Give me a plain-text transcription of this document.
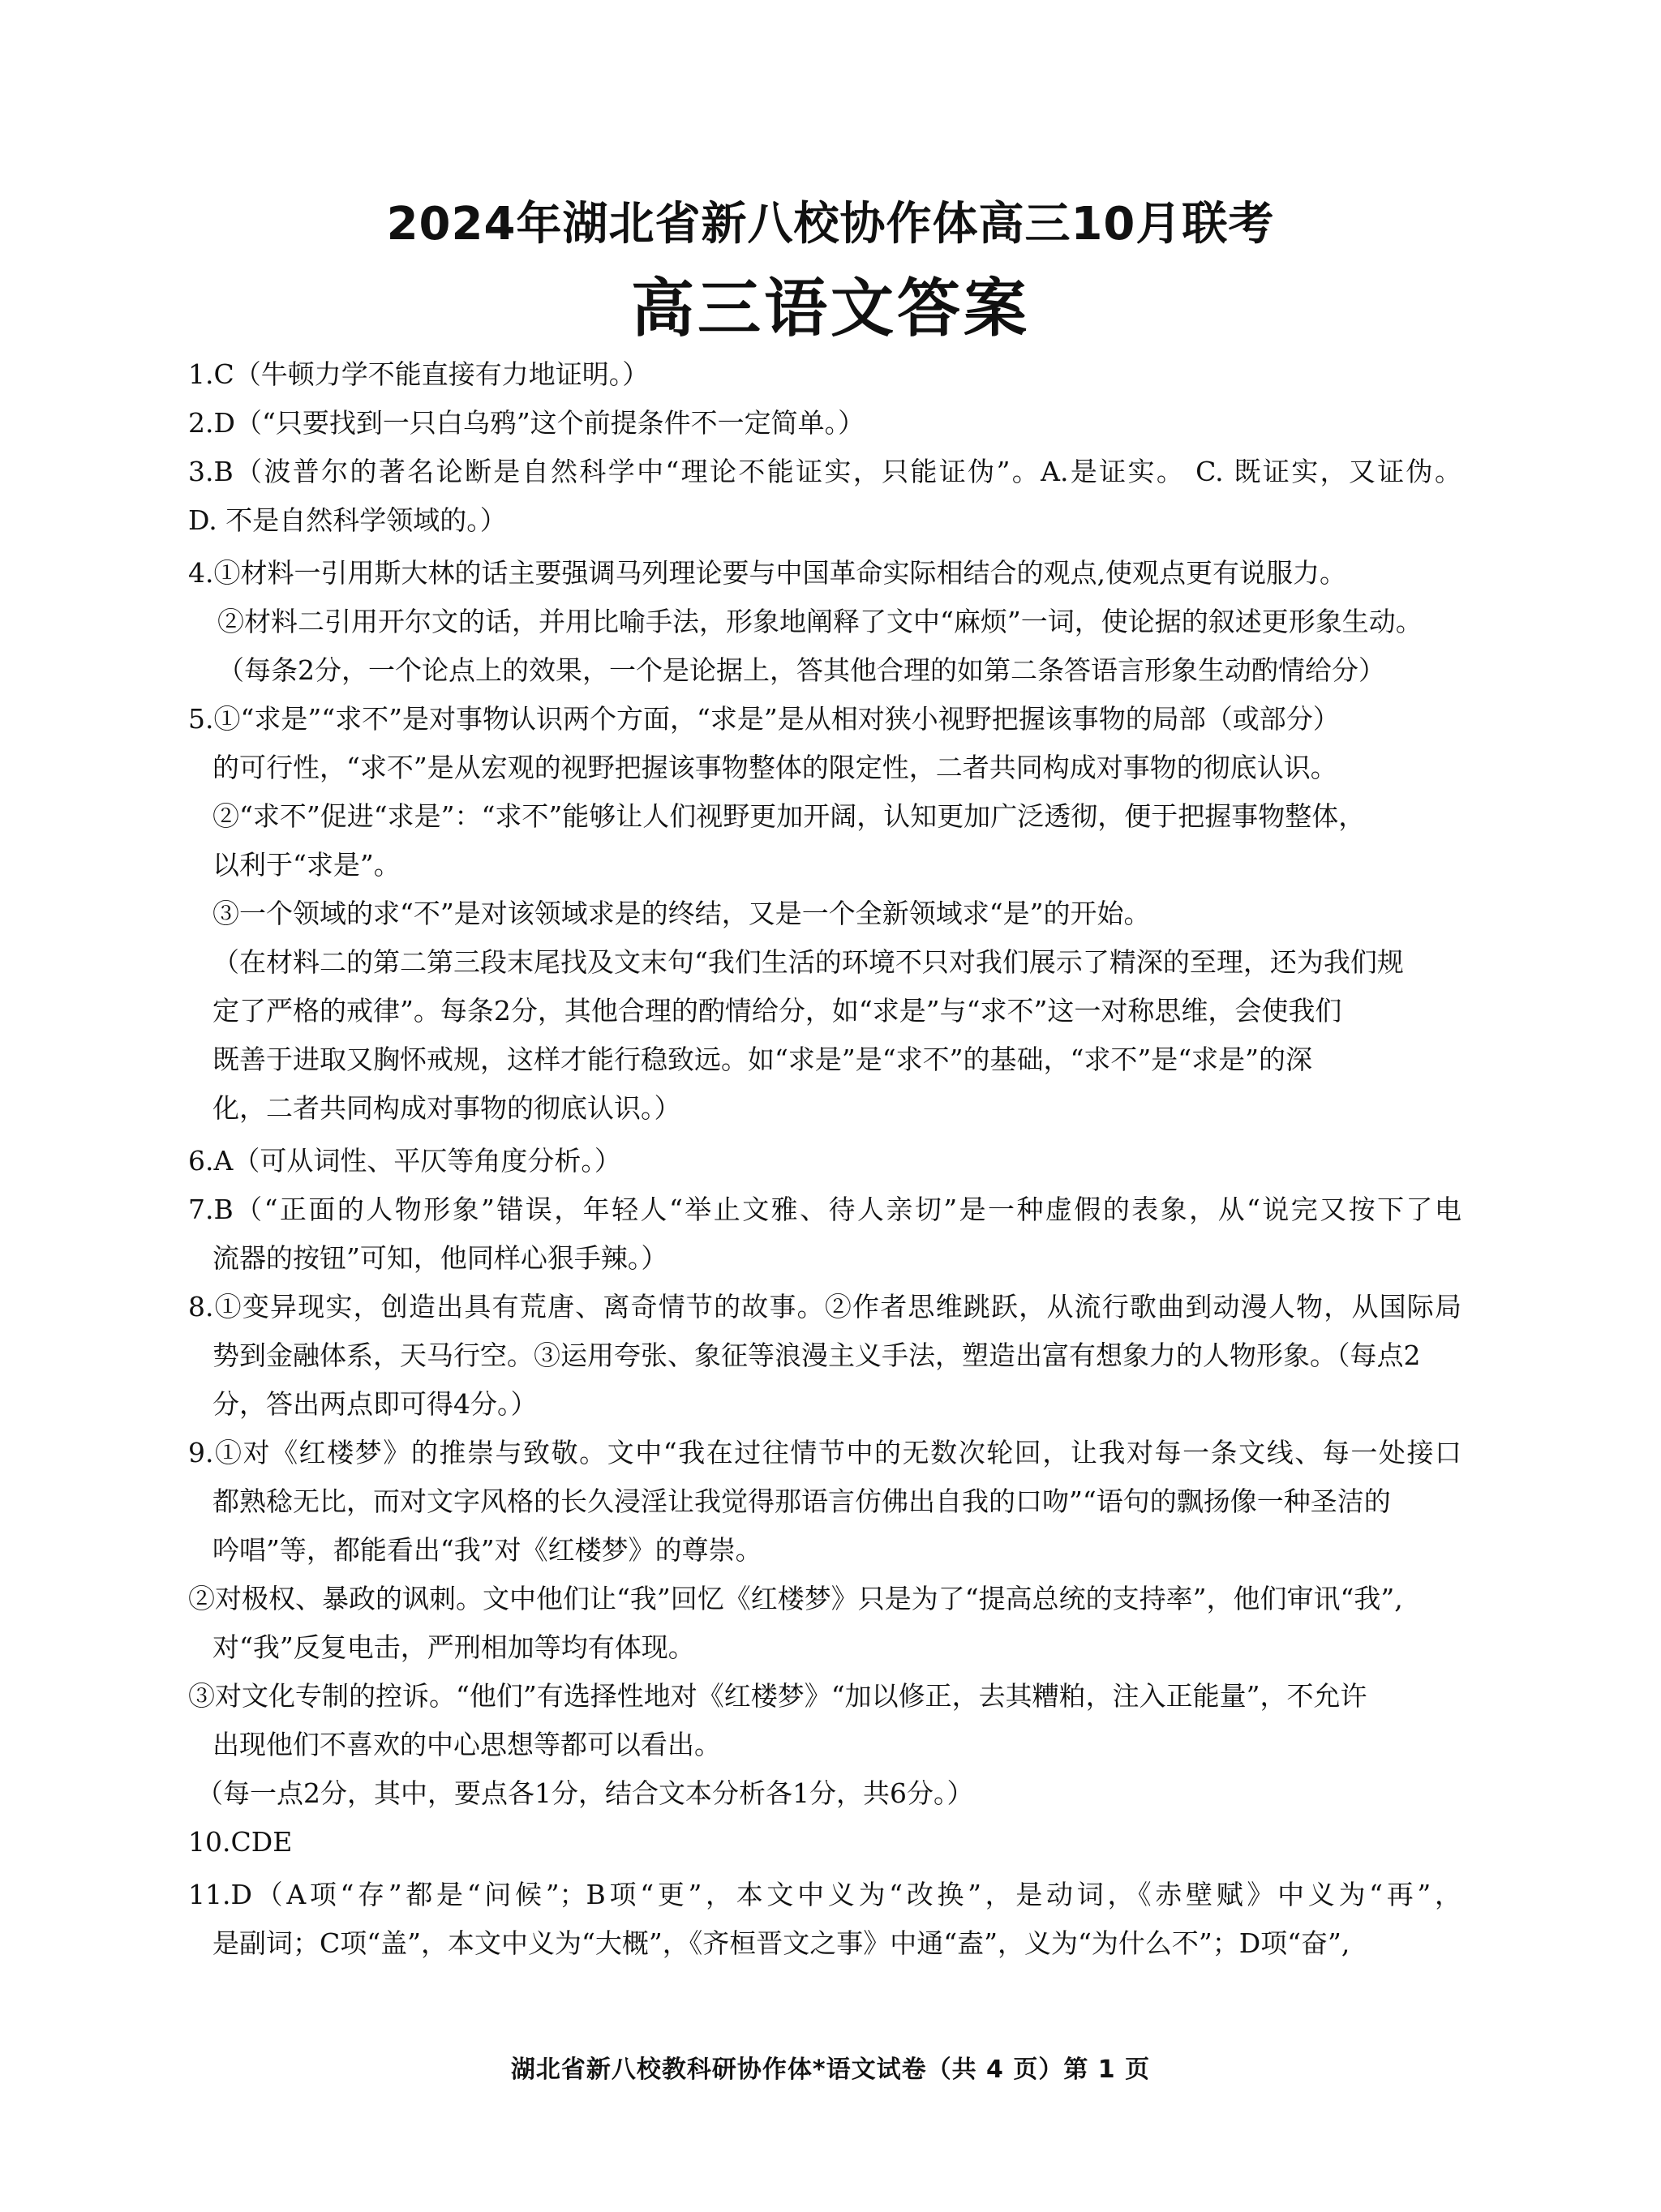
2024年湖北省新八校协作体高三10月联考
高三语文答案
1.C（牛顿力学不能直接有力地证明。）
2.D（“只要找到一只白乌鸦”这个前提条件不一定简单。）
3.B（波普尔的著名论断是自然科学中“理论不能证实，只能证伪”。A.是证实。 C. 既证实，又证伪。
D. 不是自然科学领域的。）
4.①材料一引用斯大林的话主要强调马列理论要与中国革命实际相结合的观点,使观点更有说服力。
②材料二引用开尔文的话，并用比喻手法，形象地阐释了文中“麻烦”一词，使论据的叙述更形象生动。
（每条2分，一个论点上的效果，一个是论据上，答其他合理的如第二条答语言形象生动酌情给分）
5.①“求是”“求不”是对事物认识两个方面，“求是”是从相对狭小视野把握该事物的局部（或部分）
的可行性，“求不”是从宏观的视野把握该事物整体的限定性，二者共同构成对事物的彻底认识。
②“求不”促进“求是”：“求不”能够让人们视野更加开阔，认知更加广泛透彻，便于把握事物整体，
以利于“求是”。
③一个领域的求“不”是对该领域求是的终结，又是一个全新领域求“是”的开始。
（在材料二的第二第三段末尾找及文末句“我们生活的环境不只对我们展示了精深的至理，还为我们规
定了严格的戒律”。每条2分，其他合理的酌情给分，如“求是”与“求不”这一对称思维，会使我们
既善于进取又胸怀戒规，这样才能行稳致远。如“求是”是“求不”的基础，“求不”是“求是”的深
化，二者共同构成对事物的彻底认识。）
6.A（可从词性、平仄等角度分析。）
7.B（“正面的人物形象”错误，年轻人“举止文雅、待人亲切”是一种虚假的表象，从“说完又按下了电
流器的按钮”可知，他同样心狠手辣。）
8.①变异现实，创造出具有荒唐、离奇情节的故事。②作者思维跳跃，从流行歌曲到动漫人物，从国际局
势到金融体系，天马行空。③运用夸张、象征等浪漫主义手法，塑造出富有想象力的人物形象。（每点2
分，答出两点即可得4分。）
9.①对《红楼梦》的推崇与致敬。文中“我在过往情节中的无数次轮回，让我对每一条文线、每一处接口
都熟稔无比，而对文字风格的长久浸淫让我觉得那语言仿佛出自我的口吻”“语句的飘扬像一种圣洁的
吟唱”等，都能看出“我”对《红楼梦》的尊崇。
②对极权、暴政的讽刺。文中他们让“我”回忆《红楼梦》只是为了“提高总统的支持率”，他们审讯“我”,
对“我”反复电击，严刑相加等均有体现。
③对文化专制的控诉。“他们”有选择性地对《红楼梦》“加以修正，去其糟粕，注入正能量”，不允许
出现他们不喜欢的中心思想等都可以看出。
（每一点2分，其中，要点各1分，结合文本分析各1分，共6分。）
10.CDE
11.D（A项“存”都是“问候”；B项“更”，本文中义为“改换”，是动词，《赤壁赋》中义为“再”，
是副词；C项“盖”，本文中义为“大概”，《齐桓晋文之事》中通“盍”，义为“为什么不”；D项“奋”,
湖北省新八校教科研协作体*语文试卷（共 4 页）第 1 页
